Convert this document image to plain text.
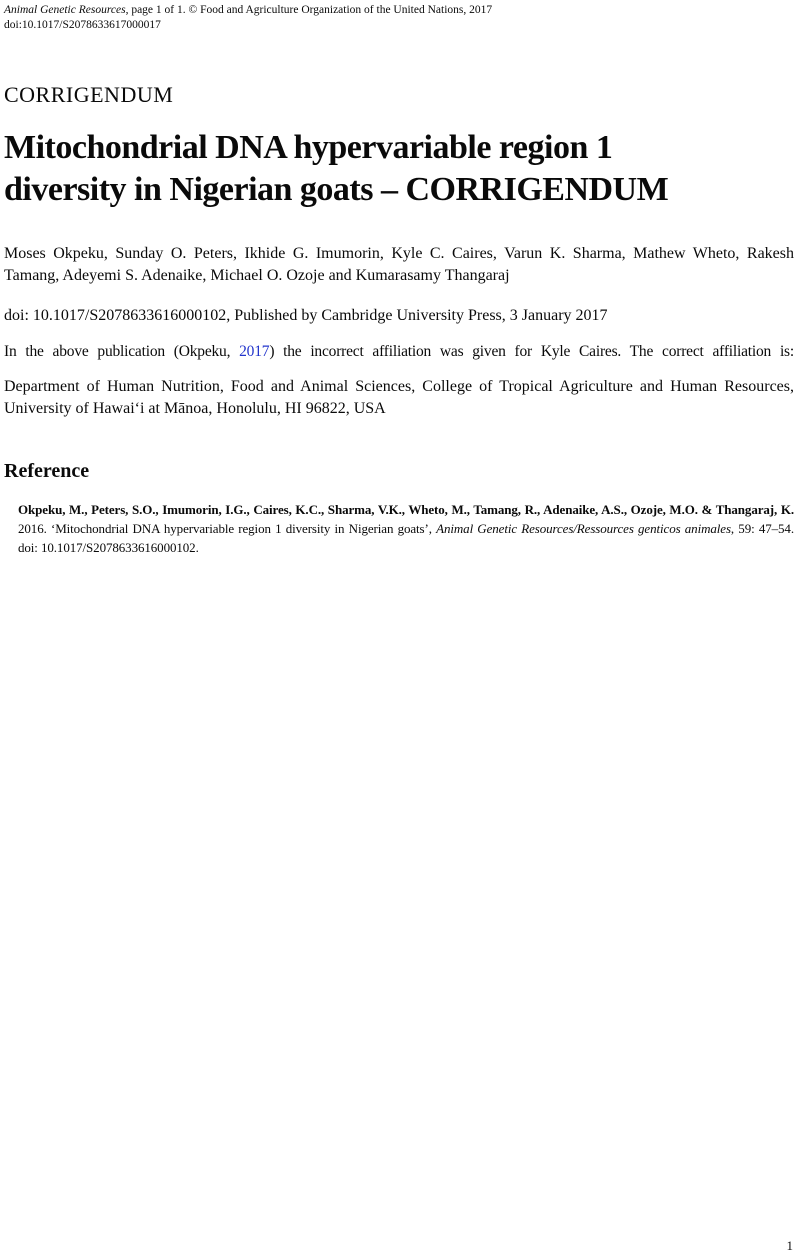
Animal Genetic Resources, page 1 of 1. © Food and Agriculture Organization of the United Nations, 2017
doi:10.1017/S2078633617000017
CORRIGENDUM
Mitochondrial DNA hypervariable region 1
diversity in Nigerian goats – CORRIGENDUM

Moses Okpeku, Sunday O. Peters, Ikhide G. Imumorin, Kyle C. Caires, Varun K. Sharma, Mathew Wheto, Rakesh Tamang, Adeyemi S. Adenaike, Michael O. Ozoje and Kumarasamy Thangaraj

doi: 10.1017/S2078633616000102, Published by Cambridge University Press, 3 January 2017

In the above publication (Okpeku, 2017) the incorrect affiliation was given for Kyle Caires. The correct affiliation is:

Department of Human Nutrition, Food and Animal Sciences, College of Tropical Agriculture and Human Resources, University of Hawaiʻi at Mānoa, Honolulu, HI 96822, USA

Reference

Okpeku, M., Peters, S.O., Imumorin, I.G., Caires, K.C., Sharma, V.K., Wheto, M., Tamang, R., Adenaike, A.S., Ozoje, M.O. & Thangaraj, K. 2016. ‘Mitochondrial DNA hypervariable region 1 diversity in Nigerian goats’, Animal Genetic Resources/Ressources genticos animales, 59: 47–54. doi: 10.1017/S2078633616000102.

1
